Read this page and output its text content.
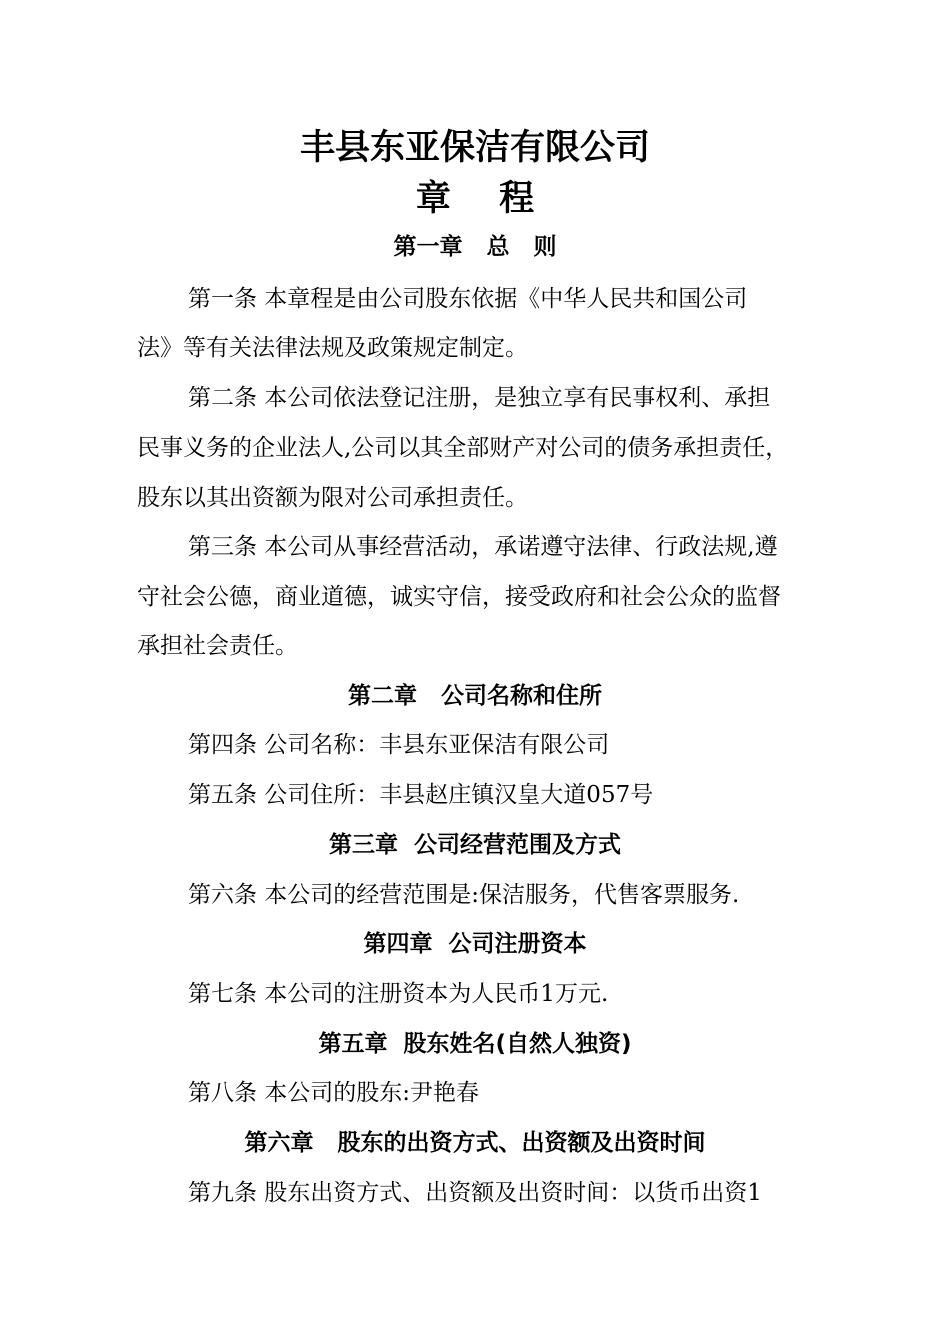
丰县东亚保洁有限公司
章 程
第一章   总   则
第一条 本章程是由公司股东依据《中华人民共和国公司
法》等有关法律法规及政策规定制定。
第二条 本公司依法登记注册，是独立享有民事权利、承担
民事义务的企业法人,公司以其全部财产对公司的债务承担责任，
股东以其出资额为限对公司承担责任。
第三条 本公司从事经营活动，承诺遵守法律、行政法规,遵
守社会公德，商业道德，诚实守信，接受政府和社会公众的监督
承担社会责任。
第二章   公司名称和住所
第四条 公司名称：丰县东亚保洁有限公司
第五条 公司住所：丰县赵庄镇汉皇大道057号
第三章  公司经营范围及方式
第六条 本公司的经营范围是:保洁服务，代售客票服务.
第四章  公司注册资本
第七条 本公司的注册资本为人民币1万元.
第五章  股东姓名(自然人独资)
第八条 本公司的股东:尹艳春
第六章   股东的出资方式、出资额及出资时间
第九条 股东出资方式、出资额及出资时间：以货币出资1
